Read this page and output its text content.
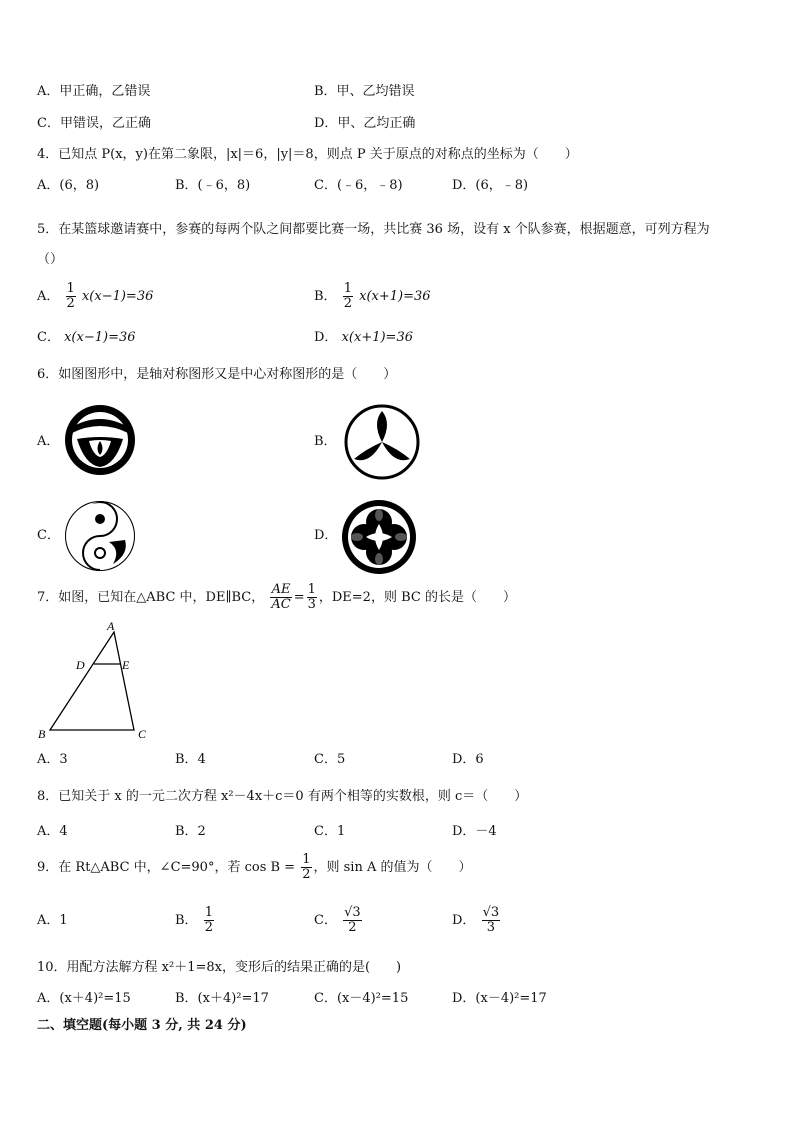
A．甲正确，乙错误	B．甲、乙均错误
C．甲错误，乙正确	D．甲、乙均正确
4．已知点 P(x，y)在第二象限，|x|＝6，|y|＝8，则点 P 关于原点的对称点的坐标为（　　）
A．(6，8)	B．(﹣6，8)	C．(﹣6，﹣8)	D．(6，﹣8)
5．在某篮球邀请赛中，参赛的每两个队之间都要比赛一场，共比赛 36 场，设有 x 个队参赛，根据题意，可列方程为
（）
A． $\frac{1}{2} x(x-1)=36$	B． $\frac{1}{2} x(x+1)=36$
C． x(x−1)=36	D． x(x+1)=36
6．如图图形中，是轴对称图形又是中心对称图形的是（　　）
A．	B．
C．	D．
7．如图，已知在△ABC 中，DE∥BC， $\frac{AE}{AC} = \frac{1}{3}$ ，DE=2，则 BC 的长是（　　）
A
D	E
B	C
A．3	B．4	C．5	D．6
8．已知关于 x 的一元二次方程 x²－4x＋c＝0 有两个相等的实数根，则 c＝（　　）
A．4	B．2	C．1	D．－4
9．在 Rt△ABC 中，∠C=90°，若 $\cos B = \frac{1}{2}$ ，则 sin A 的值为（　　）
A．1	B． $\frac{1}{2}$	C． $\frac{√3}{2}$	D． $\frac{√3}{3}$
10．用配方法解方程 x²＋1=8x，变形后的结果正确的是(　　)
A．(x＋4)²=15	B．(x＋4)²=17	C．(x－4)²=15	D．(x－4)²=17
二、填空题(每小题 3 分, 共 24 分)
